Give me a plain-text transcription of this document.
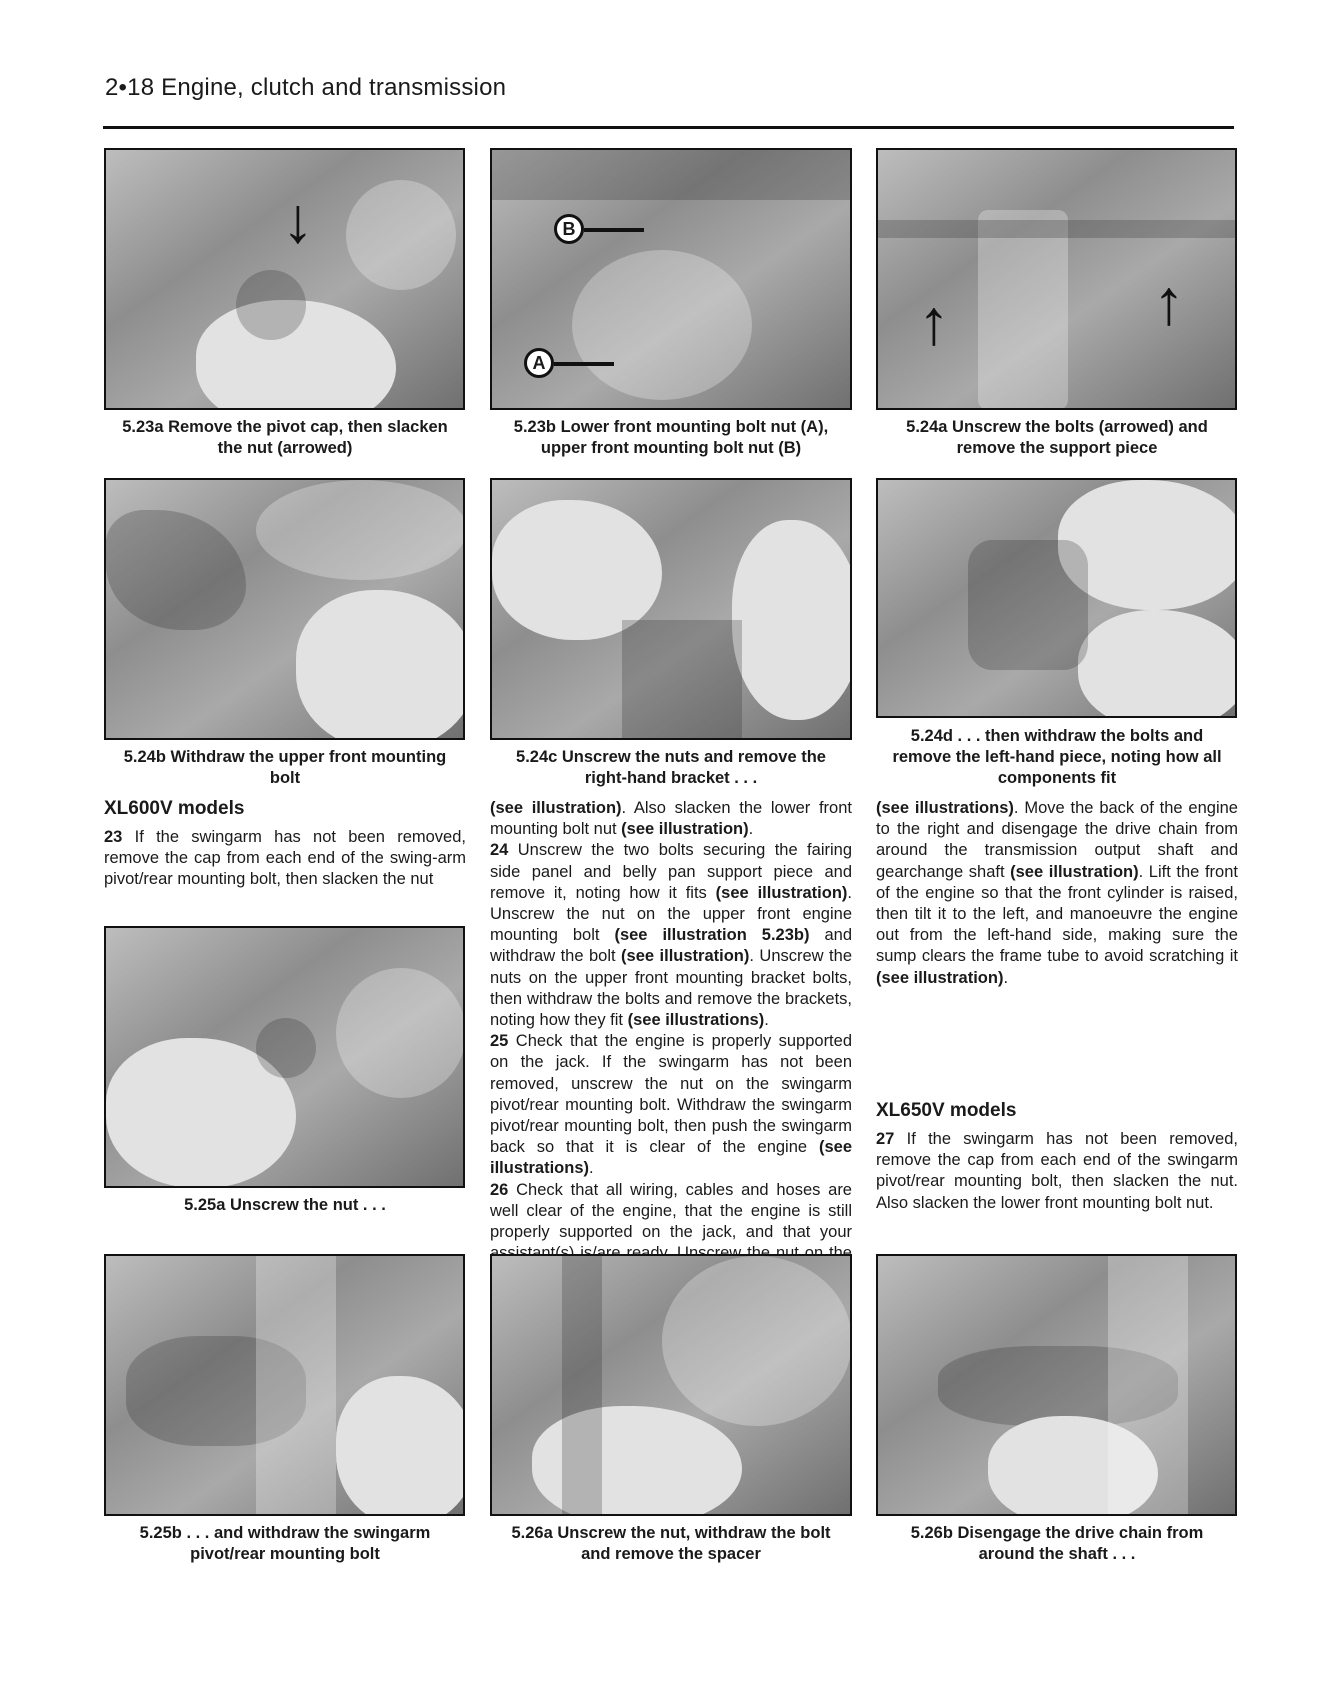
2•18 Engine, clutch and transmission
↓
5.23a Remove the pivot cap, then slacken
the nut (arrowed)
B
A
5.23b Lower front mounting bolt nut (A),
upper front mounting bolt nut (B)
↑	↑
5.24a Unscrew the bolts (arrowed) and
remove the support piece
5.24b Withdraw the upper front mounting
bolt
5.24c Unscrew the nuts and remove the
right-hand bracket . . .
5.24d . . . then withdraw the bolts and
remove the left-hand piece, noting how all
components fit
XL600V models

23 If the swingarm has not been removed, remove the cap from each end of the swing-arm pivot/rear mounting bolt, then slacken the nut

5.25a Unscrew the nut . . .

(see illustration). Also slacken the lower front mounting bolt nut (see illustration).
24 Unscrew the two bolts securing the fairing side panel and belly pan support piece and remove it, noting how it fits (see illustration). Unscrew the nut on the upper front engine mounting bolt (see illustration 5.23b) and withdraw the bolt (see illustration). Unscrew the nuts on the upper front mounting bracket bolts, then withdraw the bolts and remove the brackets, noting how they fit (see illustrations).
25 Check that the engine is properly supported on the jack. If the swingarm has not been removed, unscrew the nut on the swingarm pivot/rear mounting bolt. Withdraw the swingarm pivot/rear mounting bolt, then push the swingarm back so that it is clear of the engine (see illustrations).
26 Check that all wiring, cables and hoses are well clear of the engine, that the engine is still properly supported on the jack, and that your

(see illustrations). Move the back of the engine to the right and disengage the drive chain from around the transmission output shaft and gearchange shaft (see illustration). Lift the front of the engine so that the front cylinder is raised, then tilt it to the left, and manoeuvre the engine out from the left-hand side, making sure the sump clears the frame tube to avoid scratching it (see illustration).

XL650V models

27 If the swingarm has not been removed, remove the cap from each end of the swingarm pivot/rear mounting bolt, then slacken the nut. Also slacken the lower front mounting bolt nut.

5.25b . . . and withdraw the swingarm
pivot/rear mounting bolt
5.26a Unscrew the nut, withdraw the bolt
and remove the spacer
5.26b Disengage the drive chain from
around the shaft . . .
